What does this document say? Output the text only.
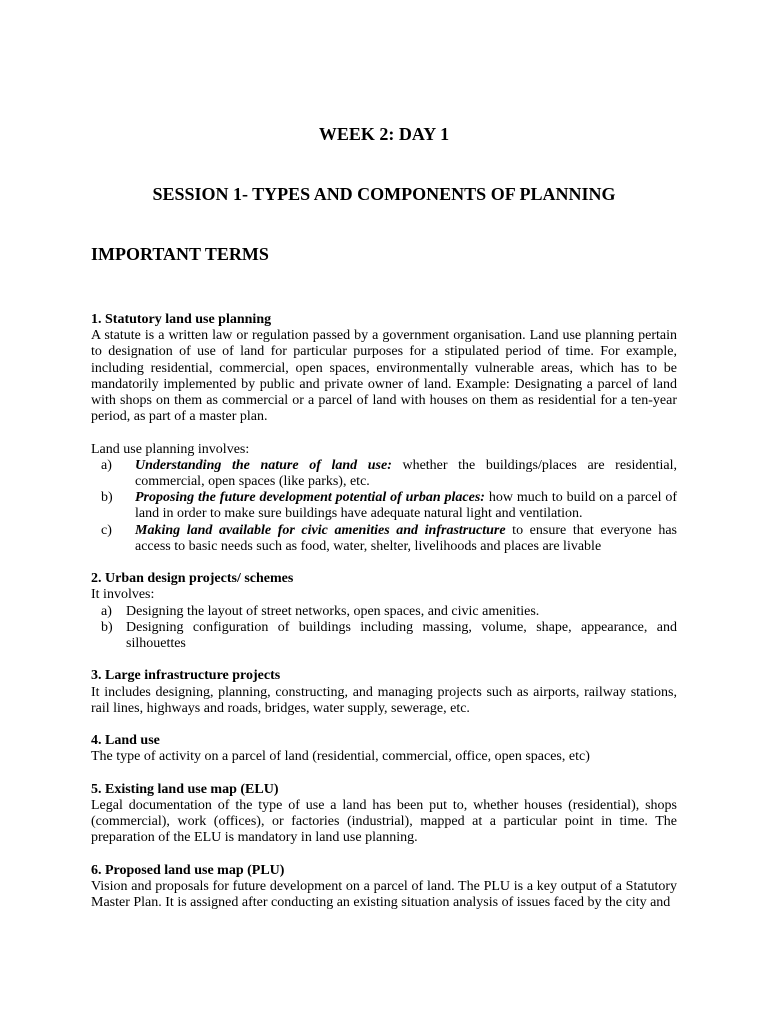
WEEK 2: DAY 1
SESSION 1- TYPES AND COMPONENTS OF PLANNING
IMPORTANT TERMS

1. Statutory land use planning

A statute is a written law or regulation passed by a government organisation. Land use planning pertain to designation of use of land for particular purposes for a stipulated period of time. For example, including residential, commercial, open spaces, environmentally vulnerable areas, which has to be mandatorily implemented by public and private owner of land. Example: Designating a parcel of land with shops on them as commercial or a parcel of land with houses on them as residential for a ten-year period, as part of a master plan.

Land use planning involves:

a) Understanding the nature of land use: whether the buildings/places are residential, commercial, open spaces (like parks), etc.
b) Proposing the future development potential of urban places: how much to build on a parcel of land in order to make sure buildings have adequate natural light and ventilation.
c) Making land available for civic amenities and infrastructure to ensure that everyone has access to basic needs such as food, water, shelter, livelihoods and places are livable

2. Urban design projects/ schemes

It involves:

a) Designing the layout of street networks, open spaces, and civic amenities.
b) Designing configuration of buildings including massing, volume, shape, appearance, and silhouettes

3. Large infrastructure projects

It includes designing, planning, constructing, and managing projects such as airports, railway stations, rail lines, highways and roads, bridges, water supply, sewerage, etc.

4. Land use

The type of activity on a parcel of land (residential, commercial, office, open spaces, etc)

5. Existing land use map (ELU)

Legal documentation of the type of use a land has been put to, whether houses (residential), shops (commercial), work (offices), or factories (industrial), mapped at a particular point in time. The preparation of the ELU is mandatory in land use planning.

6. Proposed land use map (PLU)

Vision and proposals for future development on a parcel of land. The PLU is a key output of a Statutory Master Plan. It is assigned after conducting an existing situation analysis of issues faced by the city and
